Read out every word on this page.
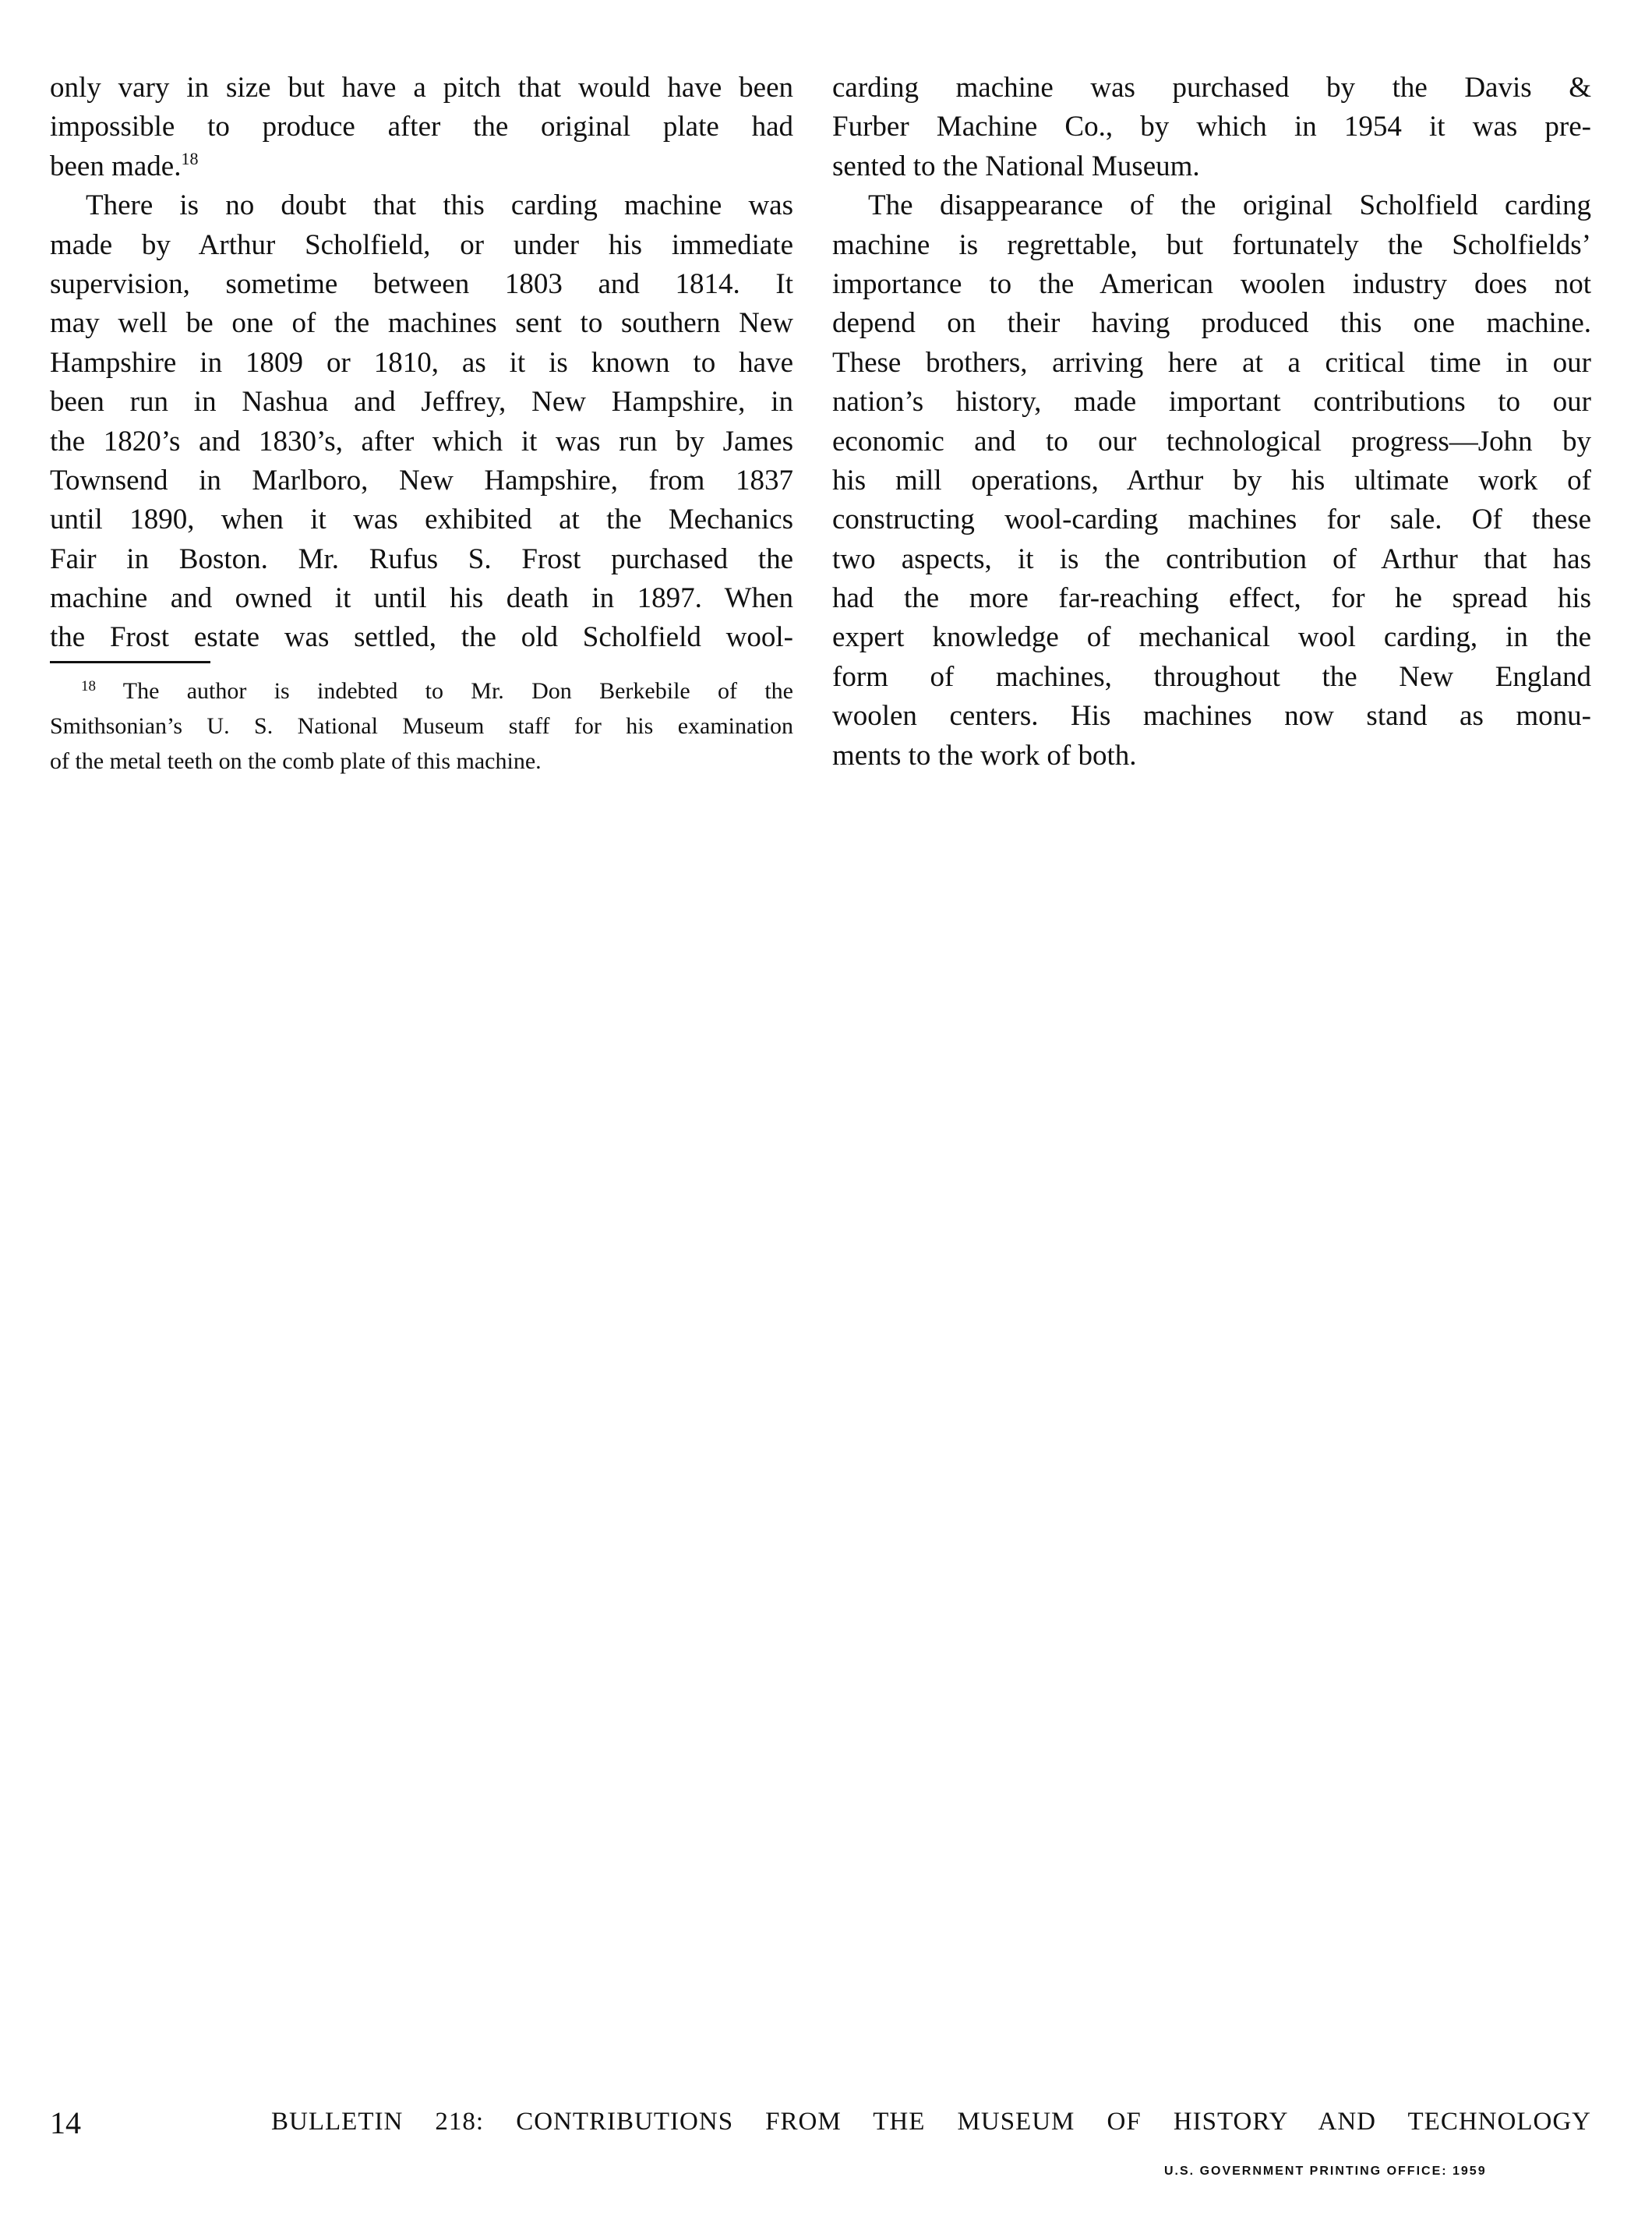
only vary in size but have a pitch that would have been
impossible to produce after the original plate had
been made.$^{18}$
There is no doubt that this carding machine was
made by Arthur Scholfield, or under his immediate
supervision, sometime between 1803 and 1814. It
may well be one of the machines sent to southern New
Hampshire in 1809 or 1810, as it is known to have
been run in Nashua and Jeffrey, New Hampshire, in
the 1820’s and 1830’s, after which it was run by James
Townsend in Marlboro, New Hampshire, from 1837
until 1890, when it was exhibited at the Mechanics
Fair in Boston. Mr. Rufus S. Frost purchased the
machine and owned it until his death in 1897. When
the Frost estate was settled, the old Scholfield wool-
$^{18}$ The author is indebted to Mr. Don Berkebile of the
Smithsonian’s U. S. National Museum staff for his examination
of the metal teeth on the comb plate of this machine.
carding machine was purchased by the Davis &
Furber Machine Co., by which in 1954 it was pre-
sented to the National Museum.
The disappearance of the original Scholfield carding
machine is regrettable, but fortunately the Scholfields’
importance to the American woolen industry does not
depend on their having produced this one machine.
These brothers, arriving here at a critical time in our
nation’s history, made important contributions to our
economic and to our technological progress—John by
his mill operations, Arthur by his ultimate work of
constructing wool-carding machines for sale. Of these
two aspects, it is the contribution of Arthur that has
had the more far-reaching effect, for he spread his
expert knowledge of mechanical wool carding, in the
form of machines, throughout the New England
woolen centers. His machines now stand as monu-
ments to the work of both.
14	BULLETIN 218: CONTRIBUTIONS FROM THE MUSEUM OF HISTORY AND TECHNOLOGY
U.S. GOVERNMENT PRINTING OFFICE: 1959
